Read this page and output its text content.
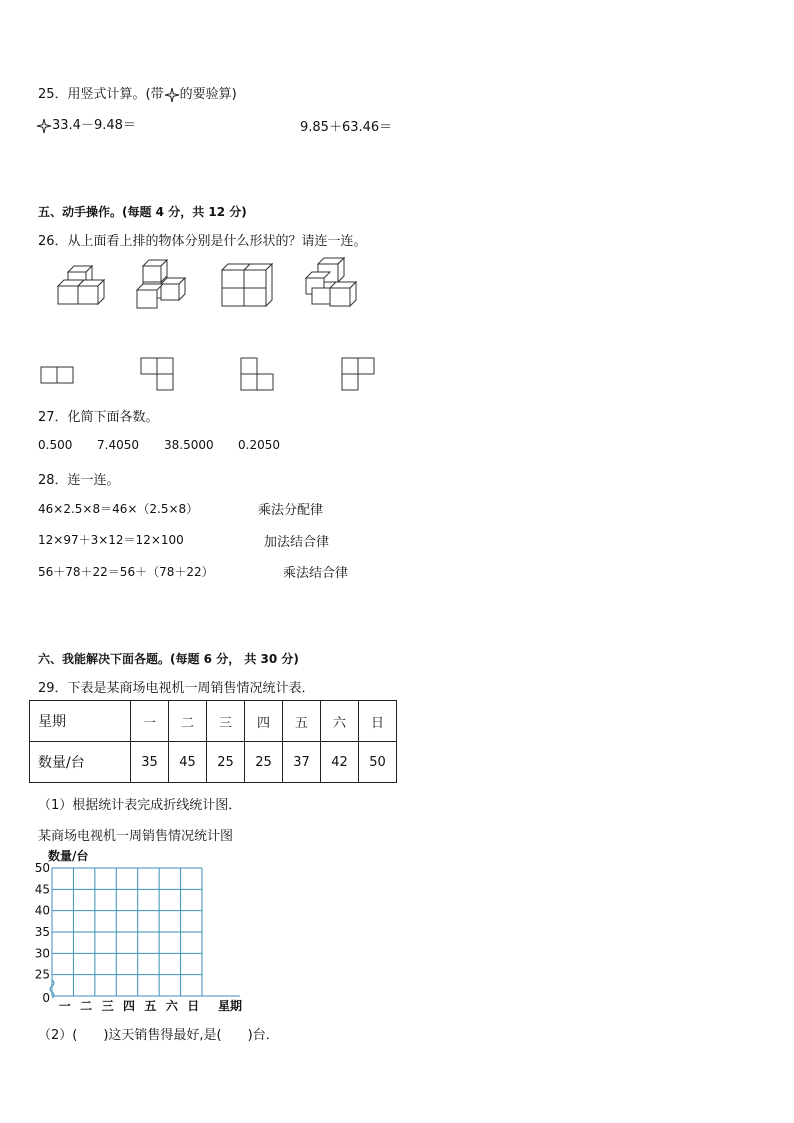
25．用竖式计算。(带 的要验算)
33.4－9.48＝	9.85＋63.46＝
五、动手操作。(每题 4 分，共 12 分)
26．从上面看上排的物体分别是什么形状的？请连一连。
27．化简下面各数。
0.500 7.4050 38.5000 0.2050
28．连一连。
46×2.5×8＝46×（2.5×8）	乘法分配律
12×97＋3×12＝12×100	加法结合律
56＋78＋22＝56＋（78＋22）	乘法结合律
六、我能解决下面各题。(每题 6 分， 共 30 分)
29．下表是某商场电视机一周销售情况统计表．
星期	一	二	三	四	五	六	日
数量/台	35	45	25	25	37	42	50
（1）根据统计表完成折线统计图．
某商场电视机一周销售情况统计图
数量/台
0
25
30
35
40
45
50
一 二 三 四 五 六 日 星期
（2）(　　)这天销售得最好,是(　　)台．
